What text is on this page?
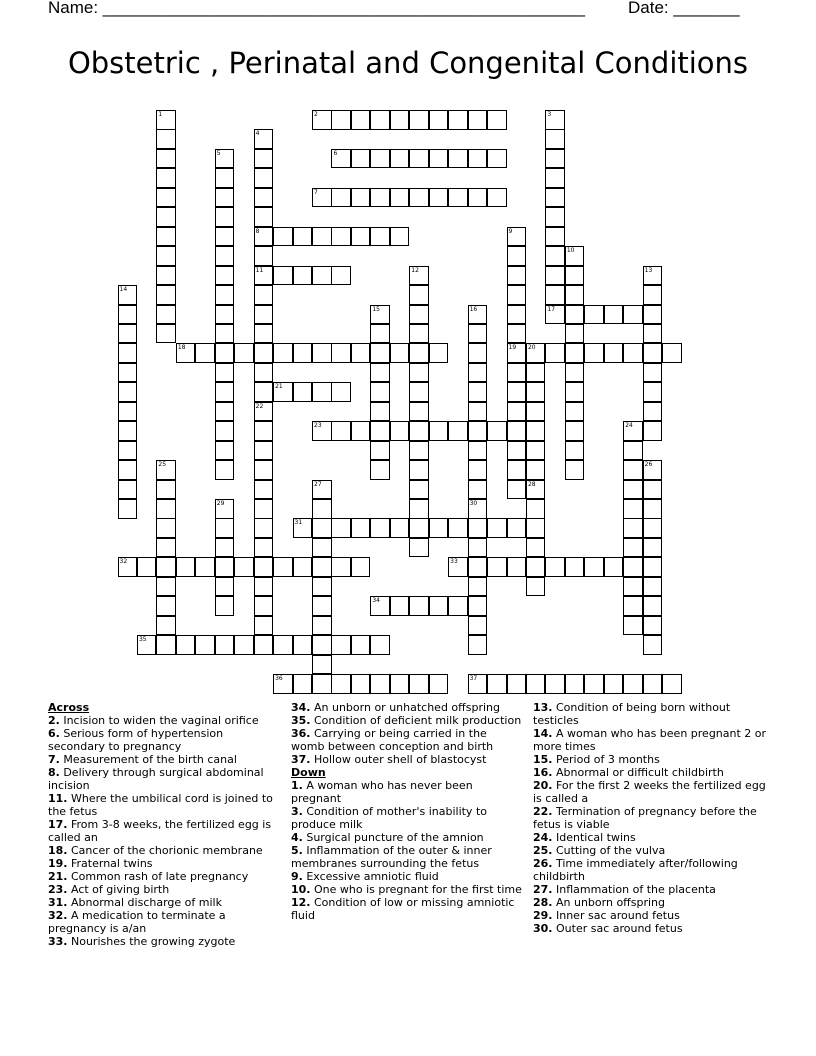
Name: ___________________________________________________	Date: _______
Obstetric , Perinatal and Congenital Conditions
1	2	3
4
8
11
22
5	6
7
9
19
10
12	13
14
15	16
30
17
18	20
28
21
23	24
25	26
27
29
31
32	33
34
35
36	37
Across
2. Incision to widen the vaginal orifice
6. Serious form of hypertension secondary to pregnancy
7. Measurement of the birth canal
8. Delivery through surgical abdominal incision
11. Where the umbilical cord is joined to the fetus
17. From 3-8 weeks, the fertilized egg is called an
18. Cancer of the chorionic membrane
19. Fraternal twins
21. Common rash of late pregnancy
23. Act of giving birth
31. Abnormal discharge of milk
32. A medication to terminate a pregnancy is a/an
33. Nourishes the growing zygote
34. An unborn or unhatched offspring
35. Condition of deficient milk production
36. Carrying or being carried in the womb between conception and birth
37. Hollow outer shell of blastocyst
Down
1. A woman who has never been pregnant
3. Condition of mother's inability to produce milk
4. Surgical puncture of the amnion
5. Inflammation of the outer & inner membranes surrounding the fetus
9. Excessive amniotic fluid
10. One who is pregnant for the first time
12. Condition of low or missing amniotic fluid
13. Condition of being born without testicles
14. A woman who has been pregnant 2 or more times
15. Period of 3 months
16. Abnormal or difficult childbirth
20. For the first 2 weeks the fertilized egg is called a
22. Termination of pregnancy before the fetus is viable
24. Identical twins
25. Cutting of the vulva
26. Time immediately after/following childbirth
27. Inflammation of the placenta
28. An unborn offspring
29. Inner sac around fetus
30. Outer sac around fetus
